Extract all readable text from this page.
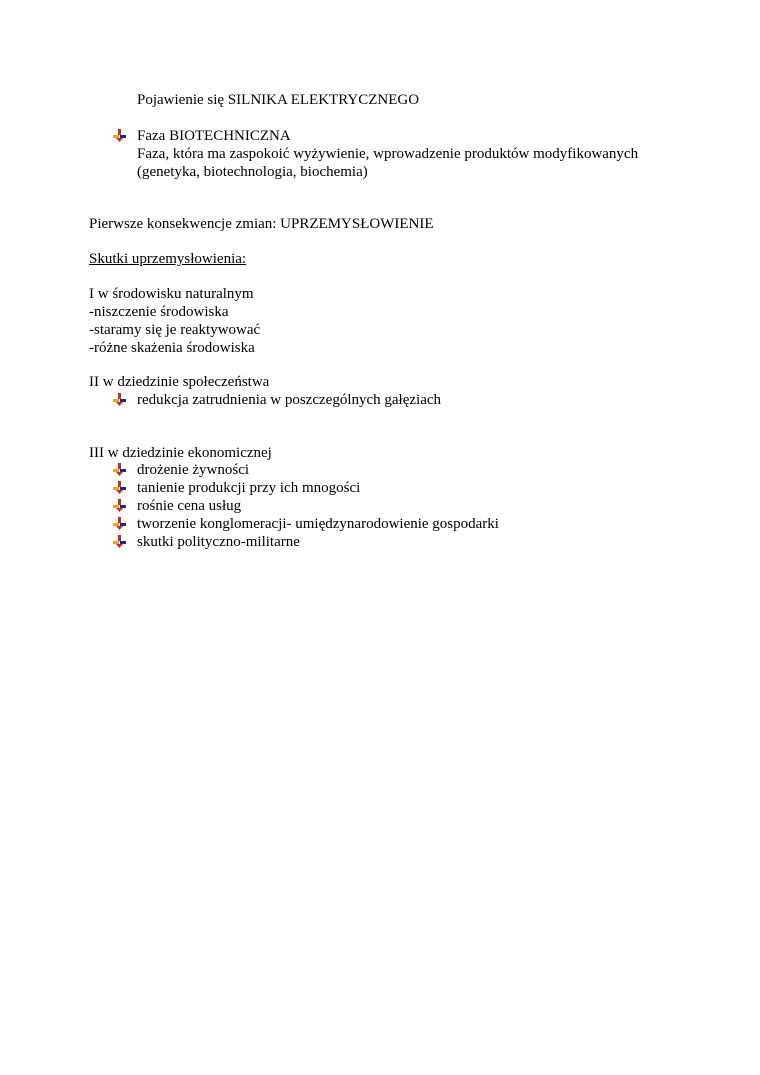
Pojawienie się SILNIKA ELEKTRYCZNEGO
Faza BIOTECHNICZNA
Faza, która ma zaspokoić wyżywienie, wprowadzenie produktów modyfikowanych
(genetyka, biotechnologia, biochemia)
Pierwsze konsekwencje zmian: UPRZEMYSŁOWIENIE
Skutki uprzemysłowienia:
I w środowisku naturalnym
-niszczenie środowiska
-staramy się je reaktywować
-różne skażenia środowiska
II w dziedzinie społeczeństwa
redukcja zatrudnienia w poszczególnych gałęziach
III w dziedzinie ekonomicznej
drożenie żywności
tanienie produkcji przy ich mnogości
rośnie cena usług
tworzenie konglomeracji- umiędzynarodowienie gospodarki
skutki polityczno-militarne
